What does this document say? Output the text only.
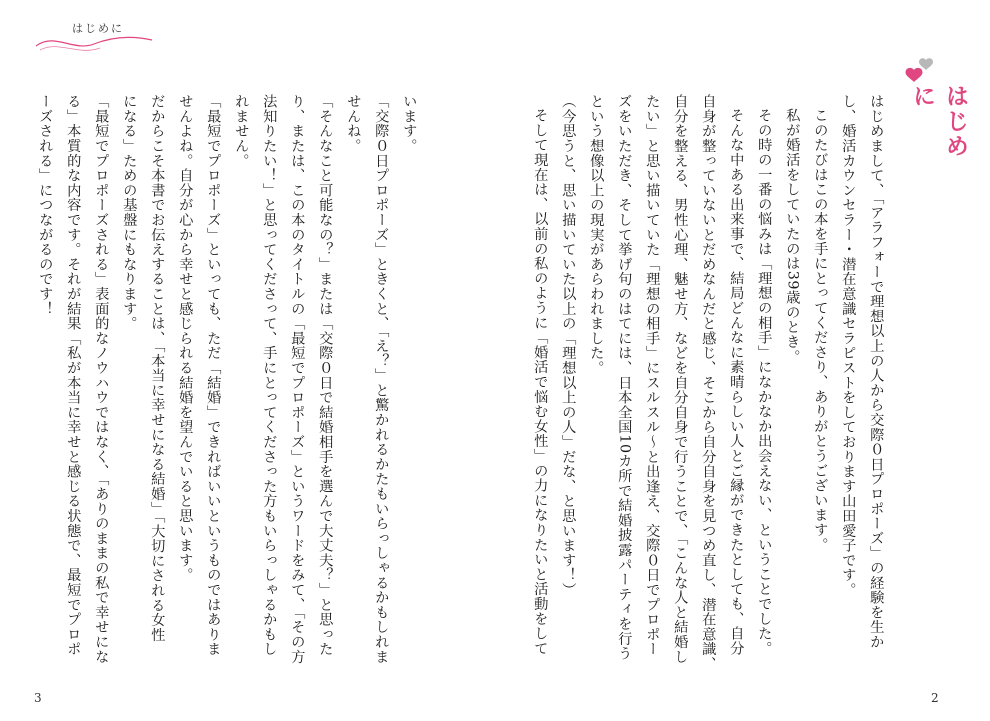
はじめに
います。
「交際０日プロポーズ」ときくと、「え？」と驚かれるかたもいらっしゃるかもしれま
せんね。
「そんなこと可能なの？」または「交際０日で結婚相手を選んで大丈夫？」と思った
り、または、この本のタイトルの「最短でプロポーズ」というワードをみて、「その方
法知りたい！」と思ってくださって、手にとってくださった方もいらっしゃるかもし
れません。
「最短でプロポーズ」といっても、ただ「結婚」できればいいというものではありま
せんよね。自分が心から幸せと感じられる結婚を望んでいると思います。
だからこそ本書でお伝えすることは、「本当に幸せになる結婚」「大切にされる女性
になる」ための基盤にもなります。
「最短でプロポーズされる」表面的なノウハウではなく、「ありのままの私で幸せにな
る」本質的な内容です。それが結果「私が本当に幸せと感じる状態で、最短でプロポ
ーズされる」につながるのです！
3
はじめに
はじめまして、「アラフォーで理想以上の人から交際０日プロポーズ」の経験を生か
し、婚活カウンセラー・潜在意識セラピストをしております山田愛子です。
このたびはこの本を手にとってくださり、ありがとうございます。
私が婚活をしていたのは39歳のとき。
その時の一番の悩みは「理想の相手」になかなか出会えない、ということでした。
そんな中ある出来事で、結局どんなに素晴らしい人とご縁ができたとしても、自分
自身が整っていないとだめなんだと感じ、そこから自分自身を見つめ直し、潜在意識、
自分を整える、男性心理、魅せ方、などを自分自身で行うことで、「こんな人と結婚し
たい」と思い描いていた「理想の相手」にスルスル～と出逢え、交際０日でプロポー
ズをいただき、そして挙げ句のはてには、日本全国10カ所で結婚披露パーティを行う
という想像以上の現実があらわれました。
（今思うと、思い描いていた以上の「理想以上の人」だな、と思います！）
そして現在は、以前の私のように「婚活で悩む女性」の力になりたいと活動をして
2
